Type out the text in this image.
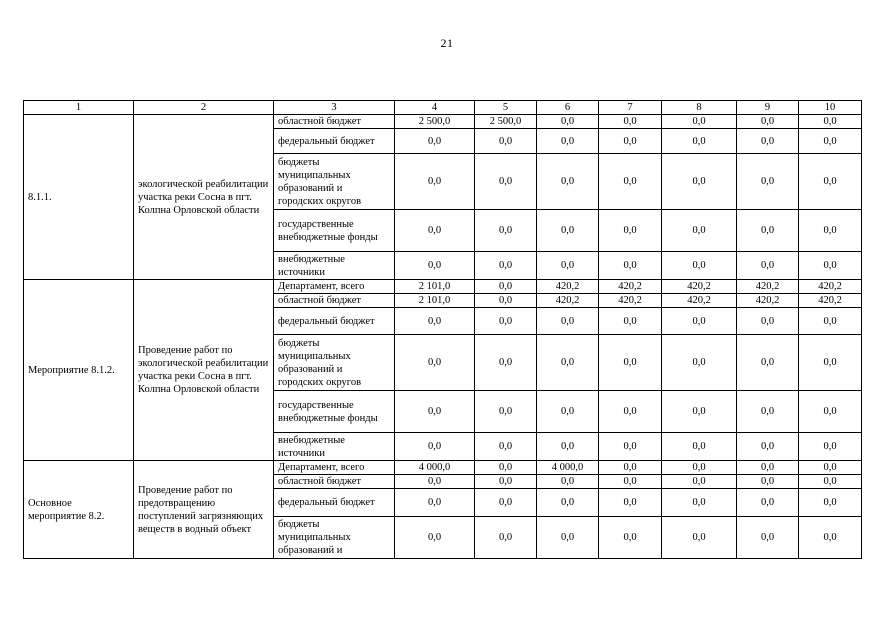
21
1	2	3	4	5	6	7	8	9	10
8.1.1.	экологической реабилитации участка реки Сосна в пгт. Колпна Орловской области	областной бюджет	2 500,0	2 500,0	0,0	0,0	0,0	0,0	0,0
		федеральный бюджет	0,0	0,0	0,0	0,0	0,0	0,0	0,0
		бюджеты муниципальных образований и городских округов	0,0	0,0	0,0	0,0	0,0	0,0	0,0
		государственные внебюджетные фонды	0,0	0,0	0,0	0,0	0,0	0,0	0,0
		внебюджетные источники	0,0	0,0	0,0	0,0	0,0	0,0	0,0
Мероприятие 8.1.2.	Проведение работ по экологической реабилитации участка реки Сосна в пгт. Колпна Орловской области	Департамент, всего	2 101,0	0,0	420,2	420,2	420,2	420,2	420,2
		областной бюджет	2 101,0	0,0	420,2	420,2	420,2	420,2	420,2
		федеральный бюджет	0,0	0,0	0,0	0,0	0,0	0,0	0,0
		бюджеты муниципальных образований и городских округов	0,0	0,0	0,0	0,0	0,0	0,0	0,0
		государственные внебюджетные фонды	0,0	0,0	0,0	0,0	0,0	0,0	0,0
		внебюджетные источники	0,0	0,0	0,0	0,0	0,0	0,0	0,0
Основное мероприятие 8.2.	Проведение работ по предотвращению поступлений загрязняющих веществ в водный объект	Департамент, всего	4 000,0	0,0	4 000,0	0,0	0,0	0,0	0,0
		областной бюджет	0,0	0,0	0,0	0,0	0,0	0,0	0,0
		федеральный бюджет	0,0	0,0	0,0	0,0	0,0	0,0	0,0
		бюджеты муниципальных образований и	0,0	0,0	0,0	0,0	0,0	0,0	0,0
